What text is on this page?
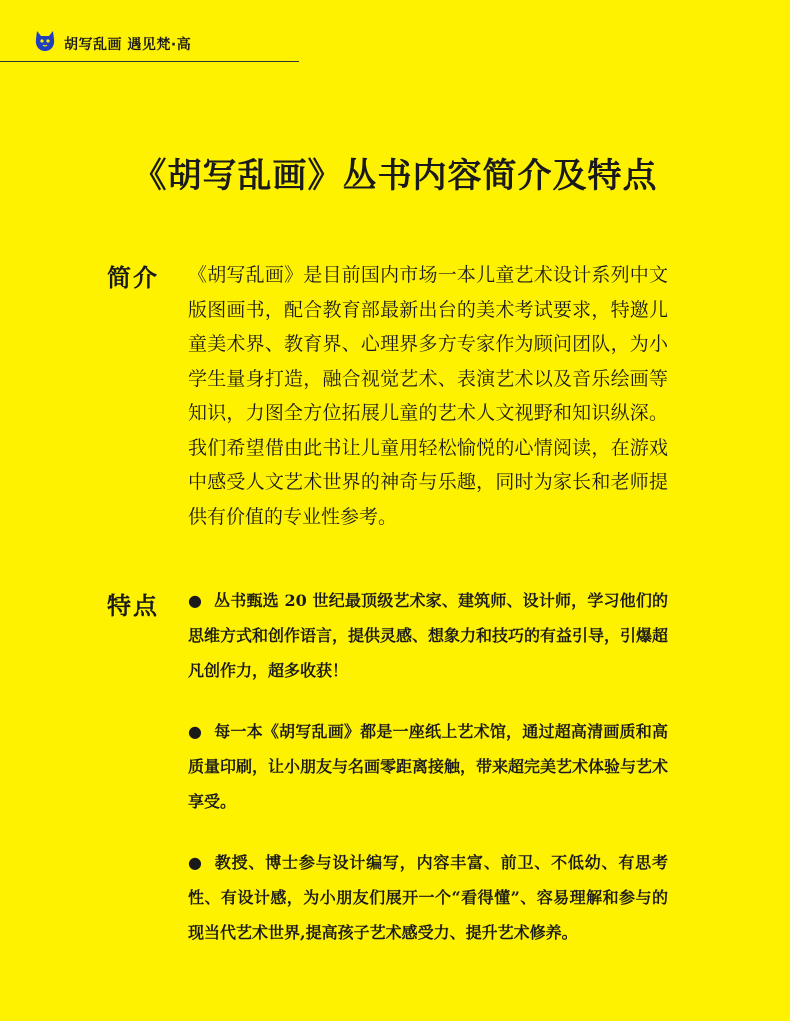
胡写乱画 遇见梵·高
《胡写乱画》丛书内容简介及特点
简介 《胡写乱画》是目前国内市场一本儿童艺术设计系列中文版图画书，配合教育部最新出台的美术考试要求，特邀儿童美术界、教育界、心理界多方专家作为顾问团队，为小学生量身打造，融合视觉艺术、表演艺术以及音乐绘画等知识，力图全方位拓展儿童的艺术人文视野和知识纵深。我们希望借由此书让儿童用轻松愉悦的心情阅读，在游戏中感受人文艺术世界的神奇与乐趣，同时为家长和老师提供有价值的专业性参考。
特点 ● 丛书甄选 20 世纪最顶级艺术家、建筑师、设计师，学习他们的思维方式和创作语言，提供灵感、想象力和技巧的有益引导，引爆超凡创作力，超多收获！
● 每一本《胡写乱画》都是一座纸上艺术馆，通过超高清画质和高质量印刷，让小朋友与名画零距离接触，带来超完美艺术体验与艺术享受。
● 教授、博士参与设计编写，内容丰富、前卫、不低幼、有思考性、有设计感，为小朋友们展开一个“看得懂”、容易理解和参与的现当代艺术世界,提高孩子艺术感受力、提升艺术修养。
